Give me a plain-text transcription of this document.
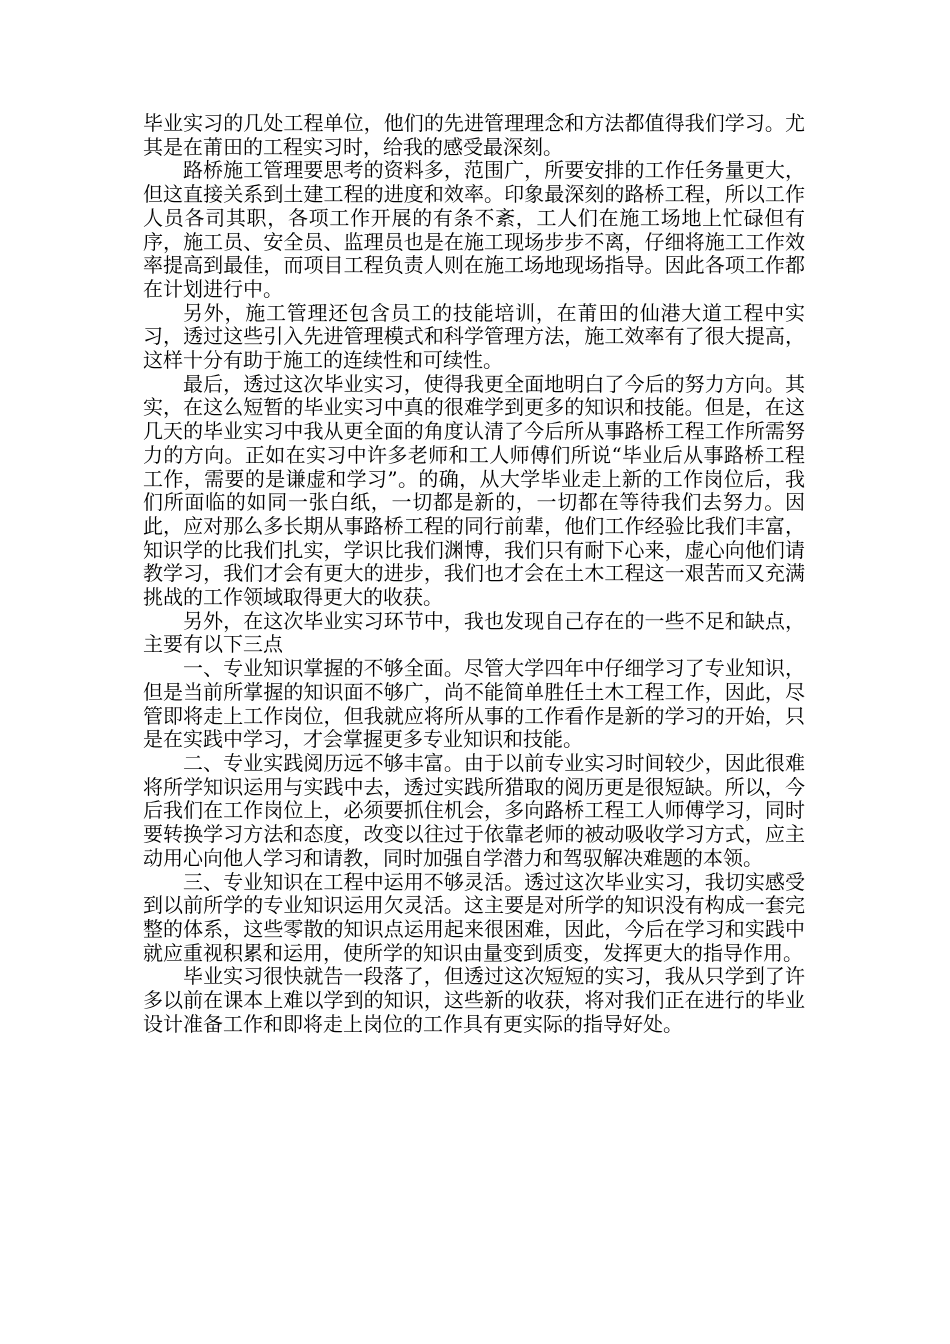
毕业实习的几处工程单位，他们的先进管理理念和方法都值得我们学习。尤其是在莆田的工程实习时，给我的感受最深刻。

路桥施工管理要思考的资料多，范围广，所要安排的工作任务量更大，但这直接关系到土建工程的进度和效率。印象最深刻的路桥工程，所以工作人员各司其职，各项工作开展的有条不紊，工人们在施工场地上忙碌但有序，施工员、安全员、监理员也是在施工现场步步不离，仔细将施工工作效率提高到最佳，而项目工程负责人则在施工场地现场指导。因此各项工作都在计划进行中。

另外，施工管理还包含员工的技能培训，在莆田的仙港大道工程中实习，透过这些引入先进管理模式和科学管理方法，施工效率有了很大提高，这样十分有助于施工的连续性和可续性。

最后，透过这次毕业实习，使得我更全面地明白了今后的努力方向。其实，在这么短暂的毕业实习中真的很难学到更多的知识和技能。但是，在这几天的毕业实习中我从更全面的角度认清了今后所从事路桥工程工作所需努力的方向。正如在实习中许多老师和工人师傅们所说“毕业后从事路桥工程工作，需要的是谦虚和学习”。的确，从大学毕业走上新的工作岗位后，我们所面临的如同一张白纸，一切都是新的，一切都在等待我们去努力。因此，应对那么多长期从事路桥工程的同行前辈，他们工作经验比我们丰富，知识学的比我们扎实，学识比我们渊博，我们只有耐下心来，虚心向他们请教学习，我们才会有更大的进步，我们也才会在土木工程这一艰苦而又充满挑战的工作领域取得更大的收获。

另外，在这次毕业实习环节中，我也发现自己存在的一些不足和缺点，主要有以下三点

一、专业知识掌握的不够全面。尽管大学四年中仔细学习了专业知识，但是当前所掌握的知识面不够广，尚不能简单胜任土木工程工作，因此，尽管即将走上工作岗位，但我就应将所从事的工作看作是新的学习的开始，只是在实践中学习，才会掌握更多专业知识和技能。

二、专业实践阅历远不够丰富。由于以前专业实习时间较少，因此很难将所学知识运用与实践中去，透过实践所猎取的阅历更是很短缺。所以，今后我们在工作岗位上，必须要抓住机会，多向路桥工程工人师傅学习，同时要转换学习方法和态度，改变以往过于依靠老师的被动吸收学习方式，应主动用心向他人学习和请教，同时加强自学潜力和驾驭解决难题的本领。

三、专业知识在工程中运用不够灵活。透过这次毕业实习，我切实感受到以前所学的专业知识运用欠灵活。这主要是对所学的知识没有构成一套完整的体系，这些零散的知识点运用起来很困难，因此，今后在学习和实践中就应重视积累和运用，使所学的知识由量变到质变，发挥更大的指导作用。

毕业实习很快就告一段落了，但透过这次短短的实习，我从只学到了许多以前在课本上难以学到的知识，这些新的收获，将对我们正在进行的毕业设计准备工作和即将走上岗位的工作具有更实际的指导好处。
